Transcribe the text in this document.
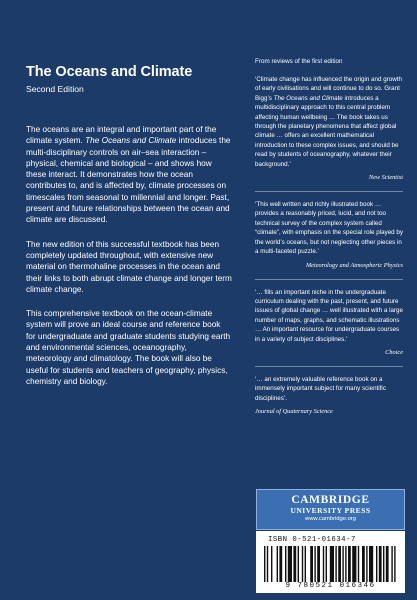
The Oceans and Climate
Second Edition

The oceans are an integral and important part of the climate system. The Oceans and Climate introduces the multi-disciplinary controls on air–sea interaction – physical, chemical and biological – and shows how these interact. It demonstrates how the ocean contributes to, and is affected by, climate processes on timescales from seasonal to millennial and longer. Past, present and future relationships between the ocean and climate are discussed.

The new edition of this successful textbook has been completely updated throughout, with extensive new material on thermohaline processes in the ocean and their links to both abrupt climate change and longer term climate change.

This comprehensive textbook on the ocean-climate system will prove an ideal course and reference book for undergraduate and graduate students studying earth and environmental sciences, oceanography, meteorology and climatology. The book will also be useful for students and teachers of geography, physics, chemistry and biology.

From reviews of the first edition

‘Climate change has influenced the origin and growth of early civilisations and will continue to do so. Grant Bigg’s The Oceans and Climate introduces a multidisciplinary approach to this central problem affecting human wellbeing … The book takes us through the planetary phenomena that affect global climate … offers an excellent mathematical introduction to these complex issues, and should be read by students of oceanography, whatever their background.’

New Scientist

‘This well written and richly illustrated book … provides a reasonably priced, lucid, and not too technical survey of the complex system called “climate”, with emphasis on the special role played by the world’s oceans, but not neglecting other pieces in a multi-faceted puzzle.’

Meteorology and Atmospheric Physics

‘… fills an important niche in the undergraduate curriculum dealing with the past, present, and future issues of global change … well illustrated with a large number of maps, graphs, and schematic illustrations … An important resource for undergraduate courses in a variety of subject disciplines.’

Choice

‘… an extremely valuable reference book on a immensely important subject for many scientific disciplines’.

Journal of Quaternary Science

CAMBRIDGE
UNIVERSITY PRESS
www.cambridge.org
ISBN 0-521-01634-7
9 780521 016346
